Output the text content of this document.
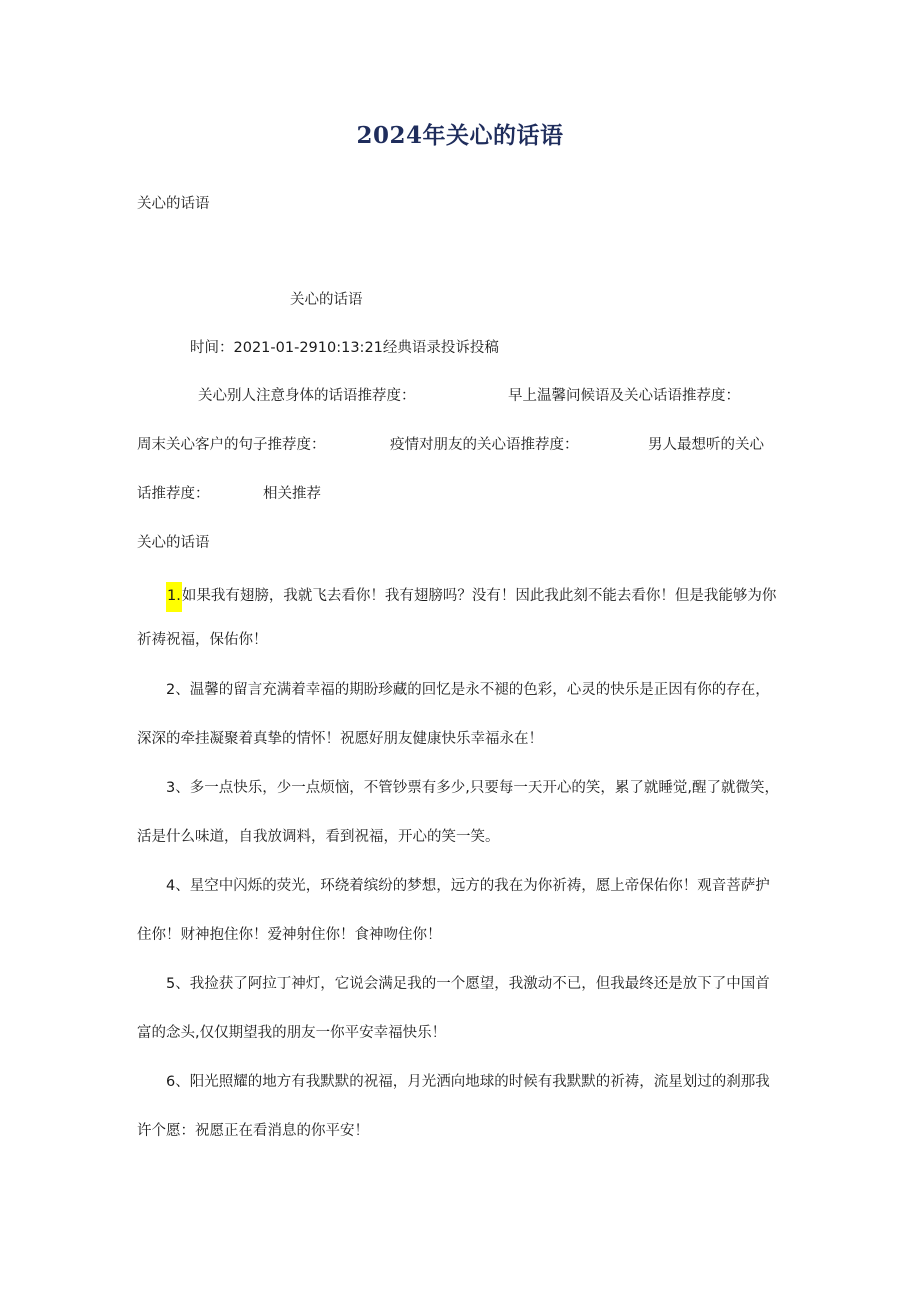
2024年关心的话语
关心的话语
关心的话语
时间：2021-01-2910:13:21经典语录投诉投稿
关心别人注意身体的话语推荐度：	早上温馨问候语及关心话语推荐度：
周末关心客户的句子推荐度：	疫情对朋友的关心语推荐度：	男人最想听的关心
话推荐度：	相关推荐
关心的话语
1.如果我有翅膀，我就飞去看你！我有翅膀吗？没有！因此我此刻不能去看你！但是我能够为你
祈祷祝福，保佑你！
2、温馨的留言充满着幸福的期盼珍藏的回忆是永不褪的色彩，心灵的快乐是正因有你的存在，
深深的牵挂凝聚着真挚的情怀！祝愿好朋友健康快乐幸福永在！
3、多一点快乐，少一点烦恼，不管钞票有多少,只要每一天开心的笑，累了就睡觉,醒了就微笑，
活是什么味道，自我放调料，看到祝福，开心的笑一笑。
4、星空中闪烁的荧光，环绕着缤纷的梦想，远方的我在为你祈祷，愿上帝保佑你！观音菩萨护
住你！财神抱住你！爱神射住你！食神吻住你！
5、我捡获了阿拉丁神灯，它说会满足我的一个愿望，我激动不已，但我最终还是放下了中国首
富的念头,仅仅期望我的朋友一你平安幸福快乐！
6、阳光照耀的地方有我默默的祝福，月光洒向地球的时候有我默默的祈祷，流星划过的刹那我
许个愿：祝愿正在看消息的你平安！
